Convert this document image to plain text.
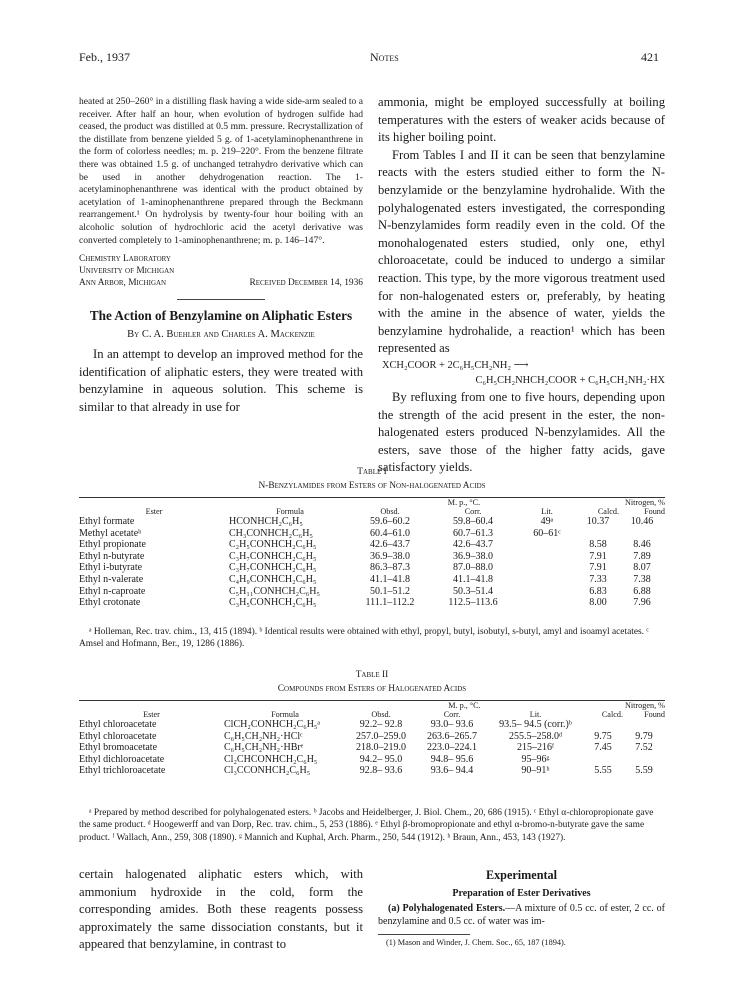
Feb., 1937	Notes	421
heated at 250–260° in a distilling flask having a wide side-arm sealed to a receiver. After half an hour, when evolution of hydrogen sulfide had ceased, the product was distilled at 0.5 mm. pressure. Recrystallization of the distillate from benzene yielded 5 g. of 1-acetylaminophenanthrene in the form of colorless needles; m. p. 219–220°. From the benzene filtrate there was obtained 1.5 g. of unchanged tetrahydro derivative which can be used in another dehydrogenation reaction. The 1-acetylaminophenanthrene was identical with the product obtained by acetylation of 1-aminophenanthrene prepared through the Beckmann rearrangement.¹ On hydrolysis by twenty-four hour boiling with an alcoholic solution of hydrochloric acid the acetyl derivative was converted completely to 1-aminophenanthrene; m. p. 146–147°.
Chemistry Laboratory
University of Michigan
Ann Arbor, Michigan	Received December 14, 1936
The Action of Benzylamine on Aliphatic Esters
By C. A. Buehler and Charles A. Mackenzie
In an attempt to develop an improved method for the identification of aliphatic esters, they were treated with benzylamine in aqueous solution. This scheme is similar to that already in use for
ammonia, might be employed successfully at boiling temperatures with the esters of weaker acids because of its higher boiling point.
From Tables I and II it can be seen that benzylamine reacts with the esters studied either to form the N-benzylamide or the benzylamine hydrohalide. With the polyhalogenated esters investigated, the corresponding N-benzylamides form readily even in the cold. Of the monohalogenated esters studied, only one, ethyl chloroacetate, could be induced to undergo a similar reaction. This type, by the more vigorous treatment used for non-halogenated esters or, preferably, by heating with the amine in the absence of water, yields the benzylamine hydrohalide, a reaction¹ which has been represented as
XCH₂COOR + 2C₆H₅CH₂NH₂ ⟶
C₆H₅CH₂NHCH₂COOR + C₆H₅CH₂NH₂·HX
By refluxing from one to five hours, depending upon the strength of the acid present in the ester, the non-halogenated esters produced N-benzylamides. All the esters, save those of the higher fatty acids, gave satisfactory yields.
Table I
N-Benzylamides from Esters of Non-halogenated Acids
Ester	Formula	M. p., °C.			Nitrogen, %	
		Obsd.	Corr.	Lit.	Calcd.	Found
Ethyl formate	HCONHCH₂C₆H₅	59.6–60.2	59.8–60.4	49ᵃ	10.37	10.46
Methyl acetateᵇ	CH₃CONHCH₂C₆H₅	60.4–61.0	60.7–61.3	60–61ᶜ		
Ethyl propionate	C₂H₅CONHCH₂C₆H₅	42.6–43.7	42.6–43.7		8.58	8.46
Ethyl n-butyrate	C₃H₇CONHCH₂C₆H₅	36.9–38.0	36.9–38.0		7.91	7.89
Ethyl i-butyrate	C₃H₇CONHCH₂C₆H₅	86.3–87.3	87.0–88.0		7.91	8.07
Ethyl n-valerate	C₄H₉CONHCH₂C₆H₅	41.1–41.8	41.1–41.8		7.33	7.38
Ethyl n-caproate	C₅H₁₁CONHCH₂C₆H₅	50.1–51.2	50.3–51.4		6.83	6.88
Ethyl crotonate	C₃H₅CONHCH₂C₆H₅	111.1–112.2	112.5–113.6		8.00	7.96
ᵃ Holleman, Rec. trav. chim., 13, 415 (1894). ᵇ Identical results were obtained with ethyl, propyl, butyl, isobutyl, s-butyl, amyl and isoamyl acetates. ᶜ Amsel and Hofmann, Ber., 19, 1286 (1886).
Table II
Compounds from Esters of Halogenated Acids
Ester	Formula	M. p., °C.			Nitrogen, %	
		Obsd.	Corr.	Lit.	Calcd.	Found
Ethyl chloroacetate	ClCH₂CONHCH₂C₆H₅ᵃ	92.2– 92.8	93.0– 93.6	93.5– 94.5 (corr.)ᵇ		
Ethyl chloroacetate	C₆H₅CH₂NH₂·HClᶜ	257.0–259.0	263.6–265.7	255.5–258.0ᵈ	9.75	9.79
Ethyl bromoacetate	C₆H₅CH₂NH₂·HBrᵉ	218.0–219.0	223.0–224.1	215–216ᶠ	7.45	7.52
Ethyl dichloroacetate	Cl₂CHCONHCH₂C₆H₅	94.2– 95.0	94.8– 95.6	95–96ᵍ		
Ethyl trichloroacetate	Cl₃CCONHCH₂C₆H₅	92.8– 93.6	93.6– 94.4	90–91ʰ	5.55	5.59
ᵃ Prepared by method described for polyhalogenated esters. ᵇ Jacobs and Heidelberger, J. Biol. Chem., 20, 686 (1915). ᶜ Ethyl α-chloropropionate gave the same product. ᵈ Hoogewerff and van Dorp, Rec. trav. chim., 5, 253 (1886). ᵉ Ethyl β-bromopropionate and ethyl α-bromo-n-butyrate gave the same product. ᶠ Wallach, Ann., 259, 308 (1890). ᵍ Mannich and Kuphal, Arch. Pharm., 250, 544 (1912). ʰ Braun, Ann., 453, 143 (1927).
certain halogenated aliphatic esters which, with ammonium hydroxide in the cold, form the corresponding amides. Both these reagents possess approximately the same dissociation constants, but it appeared that benzylamine, in contrast to
Experimental
Preparation of Ester Derivatives
(a) Polyhalogenated Esters.—A mixture of 0.5 cc. of ester, 2 cc. of benzylamine and 0.5 cc. of water was im-
(1) Mason and Winder, J. Chem. Soc., 65, 187 (1894).
